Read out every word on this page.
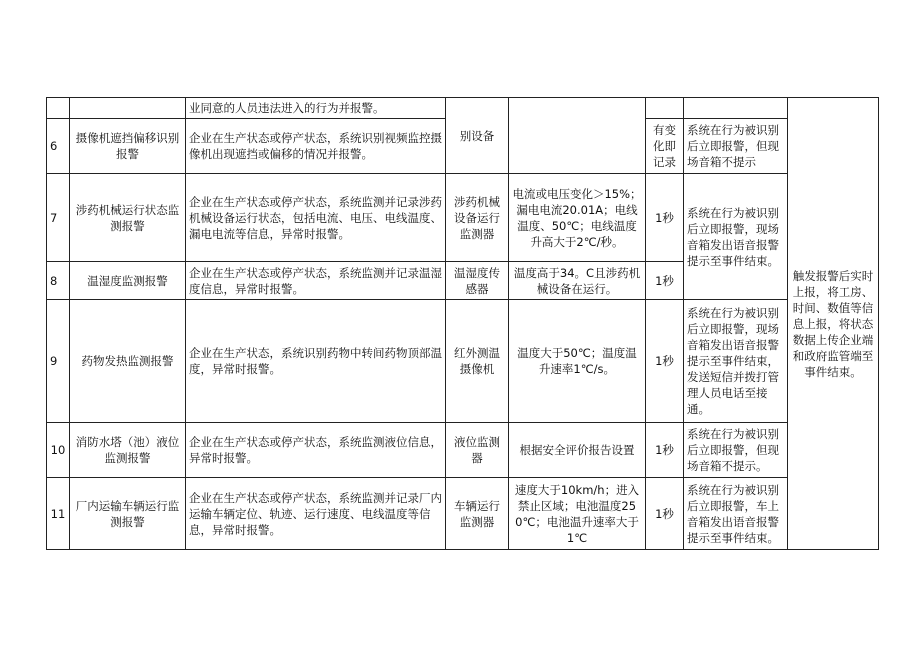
		业同意的人员违法进入的行为并报警。	别设备				触发报警后实时上报，将工房、时间、数值等信息上报，将状态数据上传企业端和政府监管端至事件结束。
6	摄像机遮挡偏移识别报警	企业在生产状态或停产状态，系统识别视频监控摄像机出现遮挡或偏移的情况并报警。			有变化即记录	系统在行为被识别后立即报警，但现场音箱不提示	
7	涉药机械运行状态监测报警	企业在生产状态或停产状态，系统监测并记录涉药机械设备运行状态，包括电流、电压、电线温度、漏电电流等信息，异常时报警。	涉药机械设备运行监测器	电流或电压变化＞15%；漏电电流20.01A；电线温度、50℃；电线温度升高大于2℃/秒。	1秒	系统在行为被识别后立即报警，现场音箱发出语音报警提示至事件结束。	
8	温湿度监测报警	企业在生产状态或停产状态，系统监测并记录温湿度信息，异常时报警。	温湿度传感器	温度高于34。C且涉药机械设备在运行。	1秒		
9	药物发热监测报警	企业在生产状态，系统识别药物中转间药物顶部温度，异常时报警。	红外测温摄像机	温度大于50℃；温度温升速率1℃/s。	1秒	系统在行为被识别后立即报警，现场音箱发出语音报警提示至事件结束，发送短信并拨打管理人员电话至接通。	
10	消防水塔（池）液位监测报警	企业在生产状态或停产状态，系统监测液位信息，异常时报警。	液位监测器	根据安全评价报告设置	1秒	系统在行为被识别后立即报警，但现场音箱不提示。	
11	厂内运输车辆运行监测报警	企业在生产状态或停产状态，系统监测并记录厂内运输车辆定位、轨迹、运行速度、电线温度等信息，异常时报警。	车辆运行监测器	速度大于10km/h；进入禁止区域；电池温度250℃；电池温升速率大于1℃	1秒	系统在行为被识别后立即报警，车上音箱发出语音报警提示至事件结束。	
